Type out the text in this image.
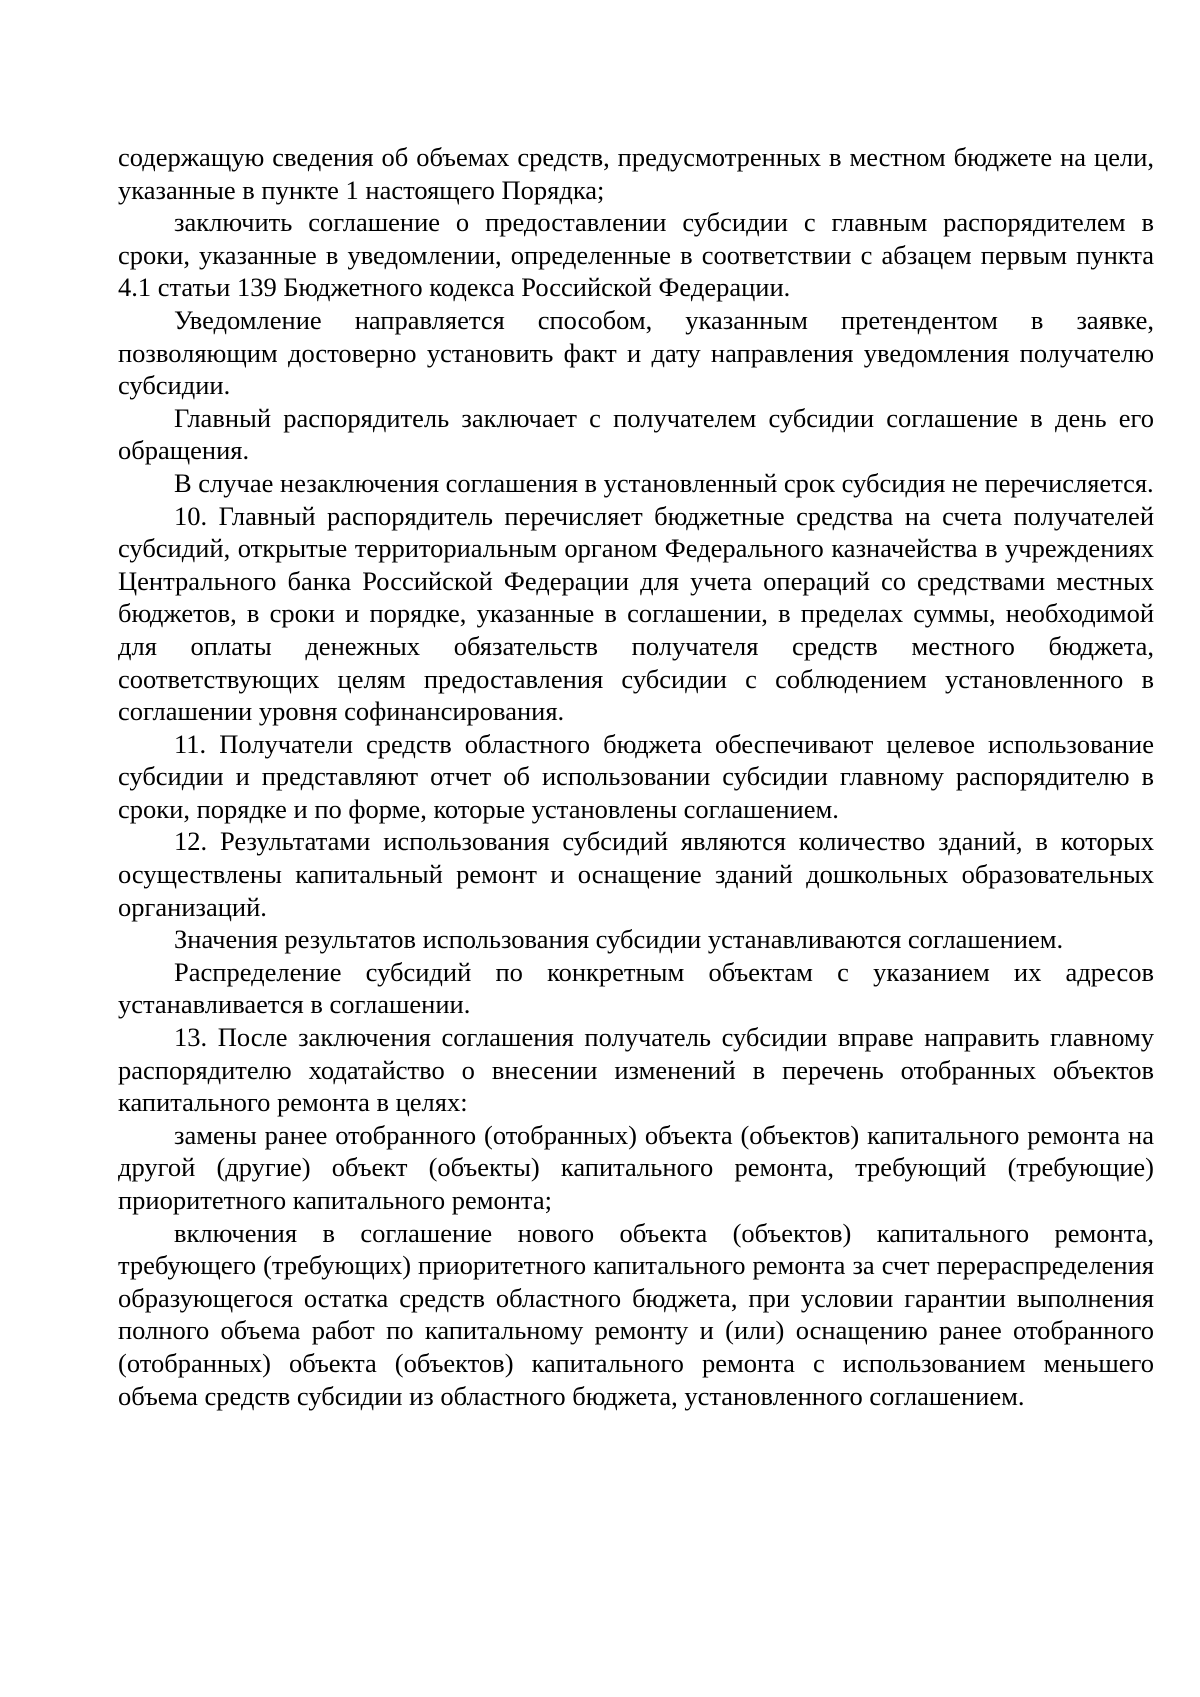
содержащую сведения об объемах средств, предусмотренных в местном бюджете на цели, указанные в пункте 1 настоящего Порядка;

заключить соглашение о предоставлении субсидии с главным распорядителем в сроки, указанные в уведомлении, определенные в соответствии с абзацем первым пункта 4.1 статьи 139 Бюджетного кодекса Российской Федерации.

Уведомление направляется способом, указанным претендентом в заявке, позволяющим достоверно установить факт и дату направления уведомления получателю субсидии.

Главный распорядитель заключает с получателем субсидии соглашение в день его обращения.

В случае незаключения соглашения в установленный срок субсидия не перечисляется.

10. Главный распорядитель перечисляет бюджетные средства на счета получателей субсидий, открытые территориальным органом Федерального казначейства в учреждениях Центрального банка Российской Федерации для учета операций со средствами местных бюджетов, в сроки и порядке, указанные в соглашении, в пределах суммы, необходимой для оплаты денежных обязательств получателя средств местного бюджета, соответствующих целям предоставления субсидии с соблюдением установленного в соглашении уровня софинансирования.

11. Получатели средств областного бюджета обеспечивают целевое использование субсидии и представляют отчет об использовании субсидии главному распорядителю в сроки, порядке и по форме, которые установлены соглашением.

12. Результатами использования субсидий являются количество зданий, в которых осуществлены капитальный ремонт и оснащение зданий дошкольных образовательных организаций.

Значения результатов использования субсидии устанавливаются соглашением.

Распределение субсидий по конкретным объектам с указанием их адресов устанавливается в соглашении.

13. После заключения соглашения получатель субсидии вправе направить главному распорядителю ходатайство о внесении изменений в перечень отобранных объектов капитального ремонта в целях:

замены ранее отобранного (отобранных) объекта (объектов) капитального ремонта на другой (другие) объект (объекты) капитального ремонта, требующий (требующие) приоритетного капитального ремонта;

включения в соглашение нового объекта (объектов) капитального ремонта, требующего (требующих) приоритетного капитального ремонта за счет перераспределения образующегося остатка средств областного бюджета, при условии гарантии выполнения полного объема работ по капитальному ремонту и (или) оснащению ранее отобранного (отобранных) объекта (объектов) капитального ремонта с использованием меньшего объема средств субсидии из областного бюджета, установленного соглашением.
